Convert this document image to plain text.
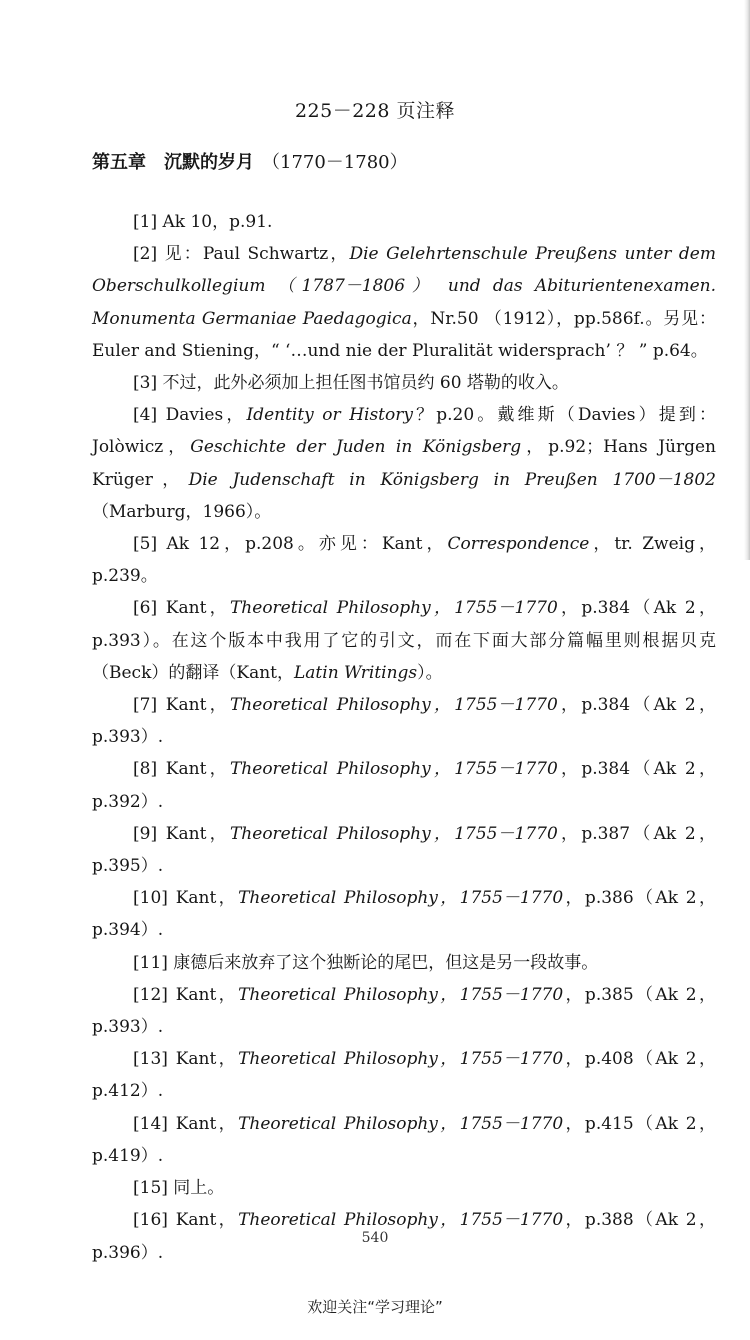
225－228 页注释
第五章 沉默的岁月 （1770－1780）

[1] Ak 10，p.91.

[2] 见：Paul Schwartz，Die Gelehrtenschule Preußens unter dem Oberschulkollegium （1787－1806） und das Abiturientenexamen. Monumenta Germaniae Paedagogica，Nr.50 （1912），pp.586f.。另见：Euler and Stiening，“ ‘…und nie der Pluralität widersprach’ ？ ” p.64。

[3] 不过，此外必须加上担任图书馆员约 60 塔勒的收入。

[4] Davies，Identity or History？p.20。戴维斯（Davies）提到：Jolòwicz，Geschichte der Juden in Königsberg，p.92；Hans Jürgen Krüger，Die Judenschaft in Königsberg in Preußen 1700－1802（Marburg，1966）。

[5] Ak 12，p.208。亦见：Kant，Correspondence，tr. Zweig，p.239。

[6] Kant，Theoretical Philosophy，1755－1770，p.384（Ak 2，p.393）。在这个版本中我用了它的引文，而在下面大部分篇幅里则根据贝克（Beck）的翻译（Kant，Latin Writings）。

[7] Kant，Theoretical Philosophy，1755－1770，p.384（Ak 2，p.393）.

[8] Kant，Theoretical Philosophy，1755－1770，p.384（Ak 2，p.392）.

[9] Kant，Theoretical Philosophy，1755－1770，p.387（Ak 2，p.395）.

[10] Kant，Theoretical Philosophy，1755－1770，p.386（Ak 2，p.394）.

[11] 康德后来放弃了这个独断论的尾巴，但这是另一段故事。

[12] Kant，Theoretical Philosophy，1755－1770，p.385（Ak 2，p.393）.

[13] Kant，Theoretical Philosophy，1755－1770，p.408（Ak 2，p.412）.

[14] Kant，Theoretical Philosophy，1755－1770，p.415（Ak 2，p.419）.

[15] 同上。

[16] Kant，Theoretical Philosophy，1755－1770，p.388（Ak 2，p.396）.

540
欢迎关注“学习理论”
